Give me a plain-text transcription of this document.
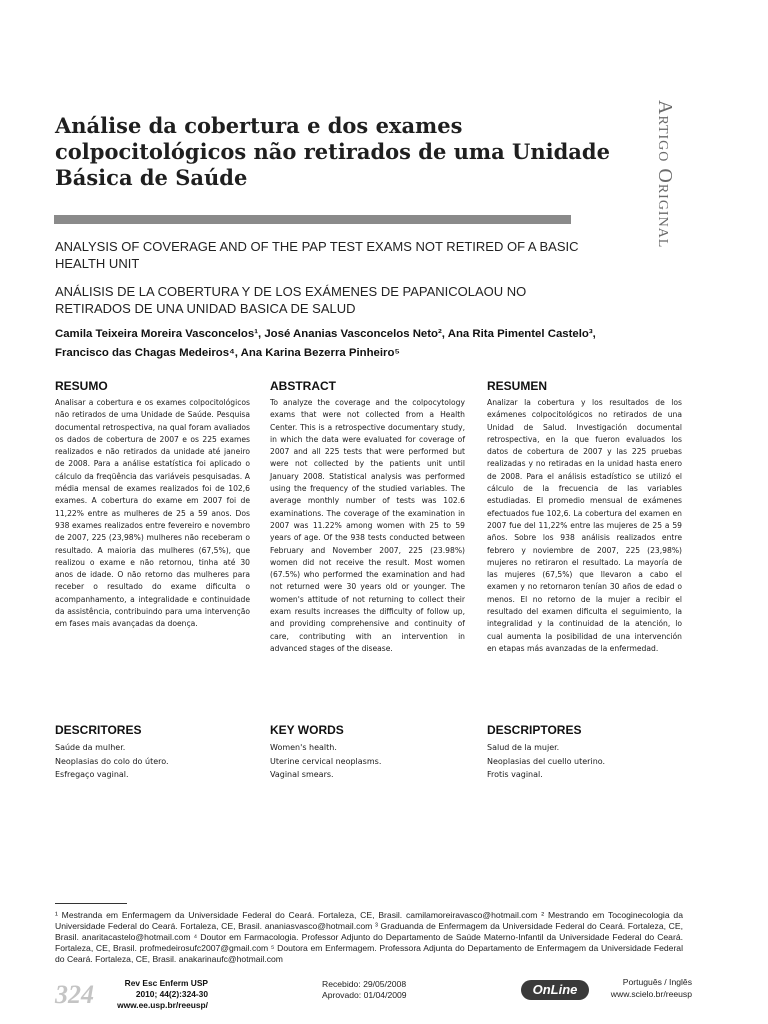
Artigo Original
Análise da cobertura e dos exames colpocitológicos não retirados de uma Unidade Básica de Saúde
ANALYSIS OF COVERAGE AND OF THE PAP TEST EXAMS NOT RETIRED OF A BASIC HEALTH UNIT
ANÁLISIS DE LA COBERTURA Y DE LOS EXÁMENES DE PAPANICOLAOU NO RETIRADOS DE UNA UNIDAD BASICA DE SALUD
Camila Teixeira Moreira Vasconcelos¹, José Ananias Vasconcelos Neto², Ana Rita Pimentel Castelo³,
Francisco das Chagas Medeiros⁴, Ana Karina Bezerra Pinheiro⁵
RESUMO

Analisar a cobertura e os exames colpocitológicos não retirados de uma Unidade de Saúde. Pesquisa documental retrospectiva, na qual foram avaliados os dados de cobertura de 2007 e os 225 exames realizados e não retirados da unidade até janeiro de 2008. Para a análise estatística foi aplicado o cálculo da freqüência das variáveis pesquisadas. A média mensal de exames realizados foi de 102,6 exames. A cobertura do exame em 2007 foi de 11,22% entre as mulheres de 25 a 59 anos. Dos 938 exames realizados entre fevereiro e novembro de 2007, 225 (23,98%) mulheres não receberam o resultado. A maioria das mulheres (67,5%), que realizou o exame e não retornou, tinha até 30 anos de idade. O não retorno das mulheres para receber o resultado do exame dificulta o acompanhamento, a integralidade e continuidade da assistência, contribuindo para uma intervenção em fases mais avançadas da doença.

ABSTRACT

To analyze the coverage and the colpocytology exams that were not collected from a Health Center. This is a retrospective documentary study, in which the data were evaluated for coverage of 2007 and all 225 tests that were performed but were not collected by the patients unit until January 2008. Statistical analysis was performed using the frequency of the studied variables. The average monthly number of tests was 102.6 examinations. The coverage of the examination in 2007 was 11.22% among women with 25 to 59 years of age. Of the 938 tests conducted between February and November 2007, 225 (23.98%) women did not receive the result. Most women (67.5%) who performed the examination and had not returned were 30 years old or younger. The women's attitude of not returning to collect their exam results increases the difficulty of follow up, and providing comprehensive and continuity of care, contributing with an intervention in advanced stages of the disease.

RESUMEN

Analizar la cobertura y los resultados de los exámenes colpocitológicos no retirados de una Unidad de Salud. Investigación documental retrospectiva, en la que fueron evaluados los datos de cobertura de 2007 y las 225 pruebas realizadas y no retiradas en la unidad hasta enero de 2008. Para el análisis estadístico se utilizó el cálculo de la frecuencia de las variables estudiadas. El promedio mensual de exámenes efectuados fue 102,6. La cobertura del examen en 2007 fue del 11,22% entre las mujeres de 25 a 59 años. Sobre los 938 análisis realizados entre febrero y noviembre de 2007, 225 (23,98%) mujeres no retiraron el resultado. La mayoría de las mujeres (67,5%) que llevaron a cabo el examen y no retornaron tenían 30 años de edad o menos. El no retorno de la mujer a recibir el resultado del examen dificulta el seguimiento, la integralidad y la continuidad de la atención, lo cual aumenta la posibilidad de una intervención en etapas más avanzadas de la enfermedad.

DESCRITORES
Saúde da mulher.
Neoplasias do colo do útero.
Esfregaço vaginal.
KEY WORDS
Women's health.
Uterine cervical neoplasms.
Vaginal smears.
DESCRIPTORES
Salud de la mujer.
Neoplasias del cuello uterino.
Frotis vaginal.
¹ Mestranda em Enfermagem da Universidade Federal do Ceará. Fortaleza, CE, Brasil. camilamoreiravasco@hotmail.com ² Mestrando em Tocoginecologia da Universidade Federal do Ceará. Fortaleza, CE, Brasil. ananiasvasco@hotmail.com ³ Graduanda de Enfermagem da Universidade Federal do Ceará. Fortaleza, CE, Brasil. anaritacastelo@hotmail.com ⁴ Doutor em Farmacologia. Professor Adjunto do Departamento de Saúde Materno-Infantil da Universidade Federal do Ceará. Fortaleza, CE, Brasil. profmedeirosufc2007@gmail.com ⁵ Doutora em Enfermagem. Professora Adjunta do Departamento de Enfermagem da Universidade Federal do Ceará. Fortaleza, CE, Brasil. anakarinaufc@hotmail.com
324	Rev Esc Enferm USP
2010; 44(2):324-30
www.ee.usp.br/reeusp/
Recebido: 29/05/2008
Aprovado: 01/04/2009	OnLine	Português / Inglês
www.scielo.br/reeusp
